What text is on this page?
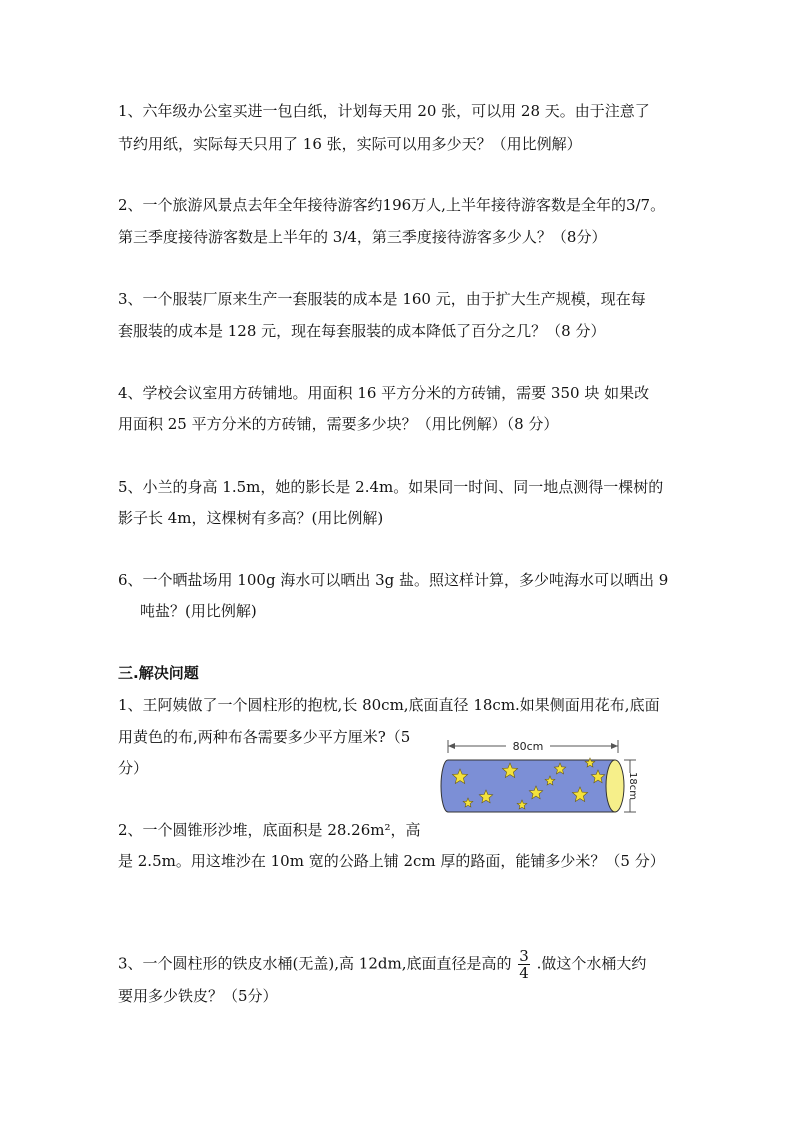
1、六年级办公室买进一包白纸，计划每天用 20 张，可以用 28 天。由于注意了
节约用纸，实际每天只用了 16 张，实际可以用多少天？（用比例解）
2、一个旅游风景点去年全年接待游客约196万人,上半年接待游客数是全年的3/7。
第三季度接待游客数是上半年的 3/4，第三季度接待游客多少人？（8分）
3、一个服装厂原来生产一套服装的成本是 160 元，由于扩大生产规模，现在每
套服装的成本是 128 元，现在每套服装的成本降低了百分之几？（8 分）
4、学校会议室用方砖铺地。用面积 16 平方分米的方砖铺，需要 350 块 如果改
用面积 25 平方分米的方砖铺，需要多少块？（用比例解）（8 分）
5、小兰的身高 1.5m，她的影长是 2.4m。如果同一时间、同一地点测得一棵树的
影子长 4m，这棵树有多高？(用比例解)
6、一个晒盐场用 100g 海水可以晒出 3g 盐。照这样计算，多少吨海水可以晒出 9
吨盐？(用比例解)
三.解决问题
1、王阿姨做了一个圆柱形的抱枕,长 80cm,底面直径 18cm.如果侧面用花布,底面
用黄色的布,两种布各需要多少平方厘米?（5
分）
80cm
18cm
2、一个圆锥形沙堆，底面积是 28.26m²，高
是 2.5m。用这堆沙在 10m 宽的公路上铺 2cm 厚的路面，能铺多少米？（5 分）
3、一个圆柱形的铁皮水桶(无盖),高 12dm,底面直径是高的 $\frac{3}{4}$ .做这个水桶大约
要用多少铁皮？（5分）
